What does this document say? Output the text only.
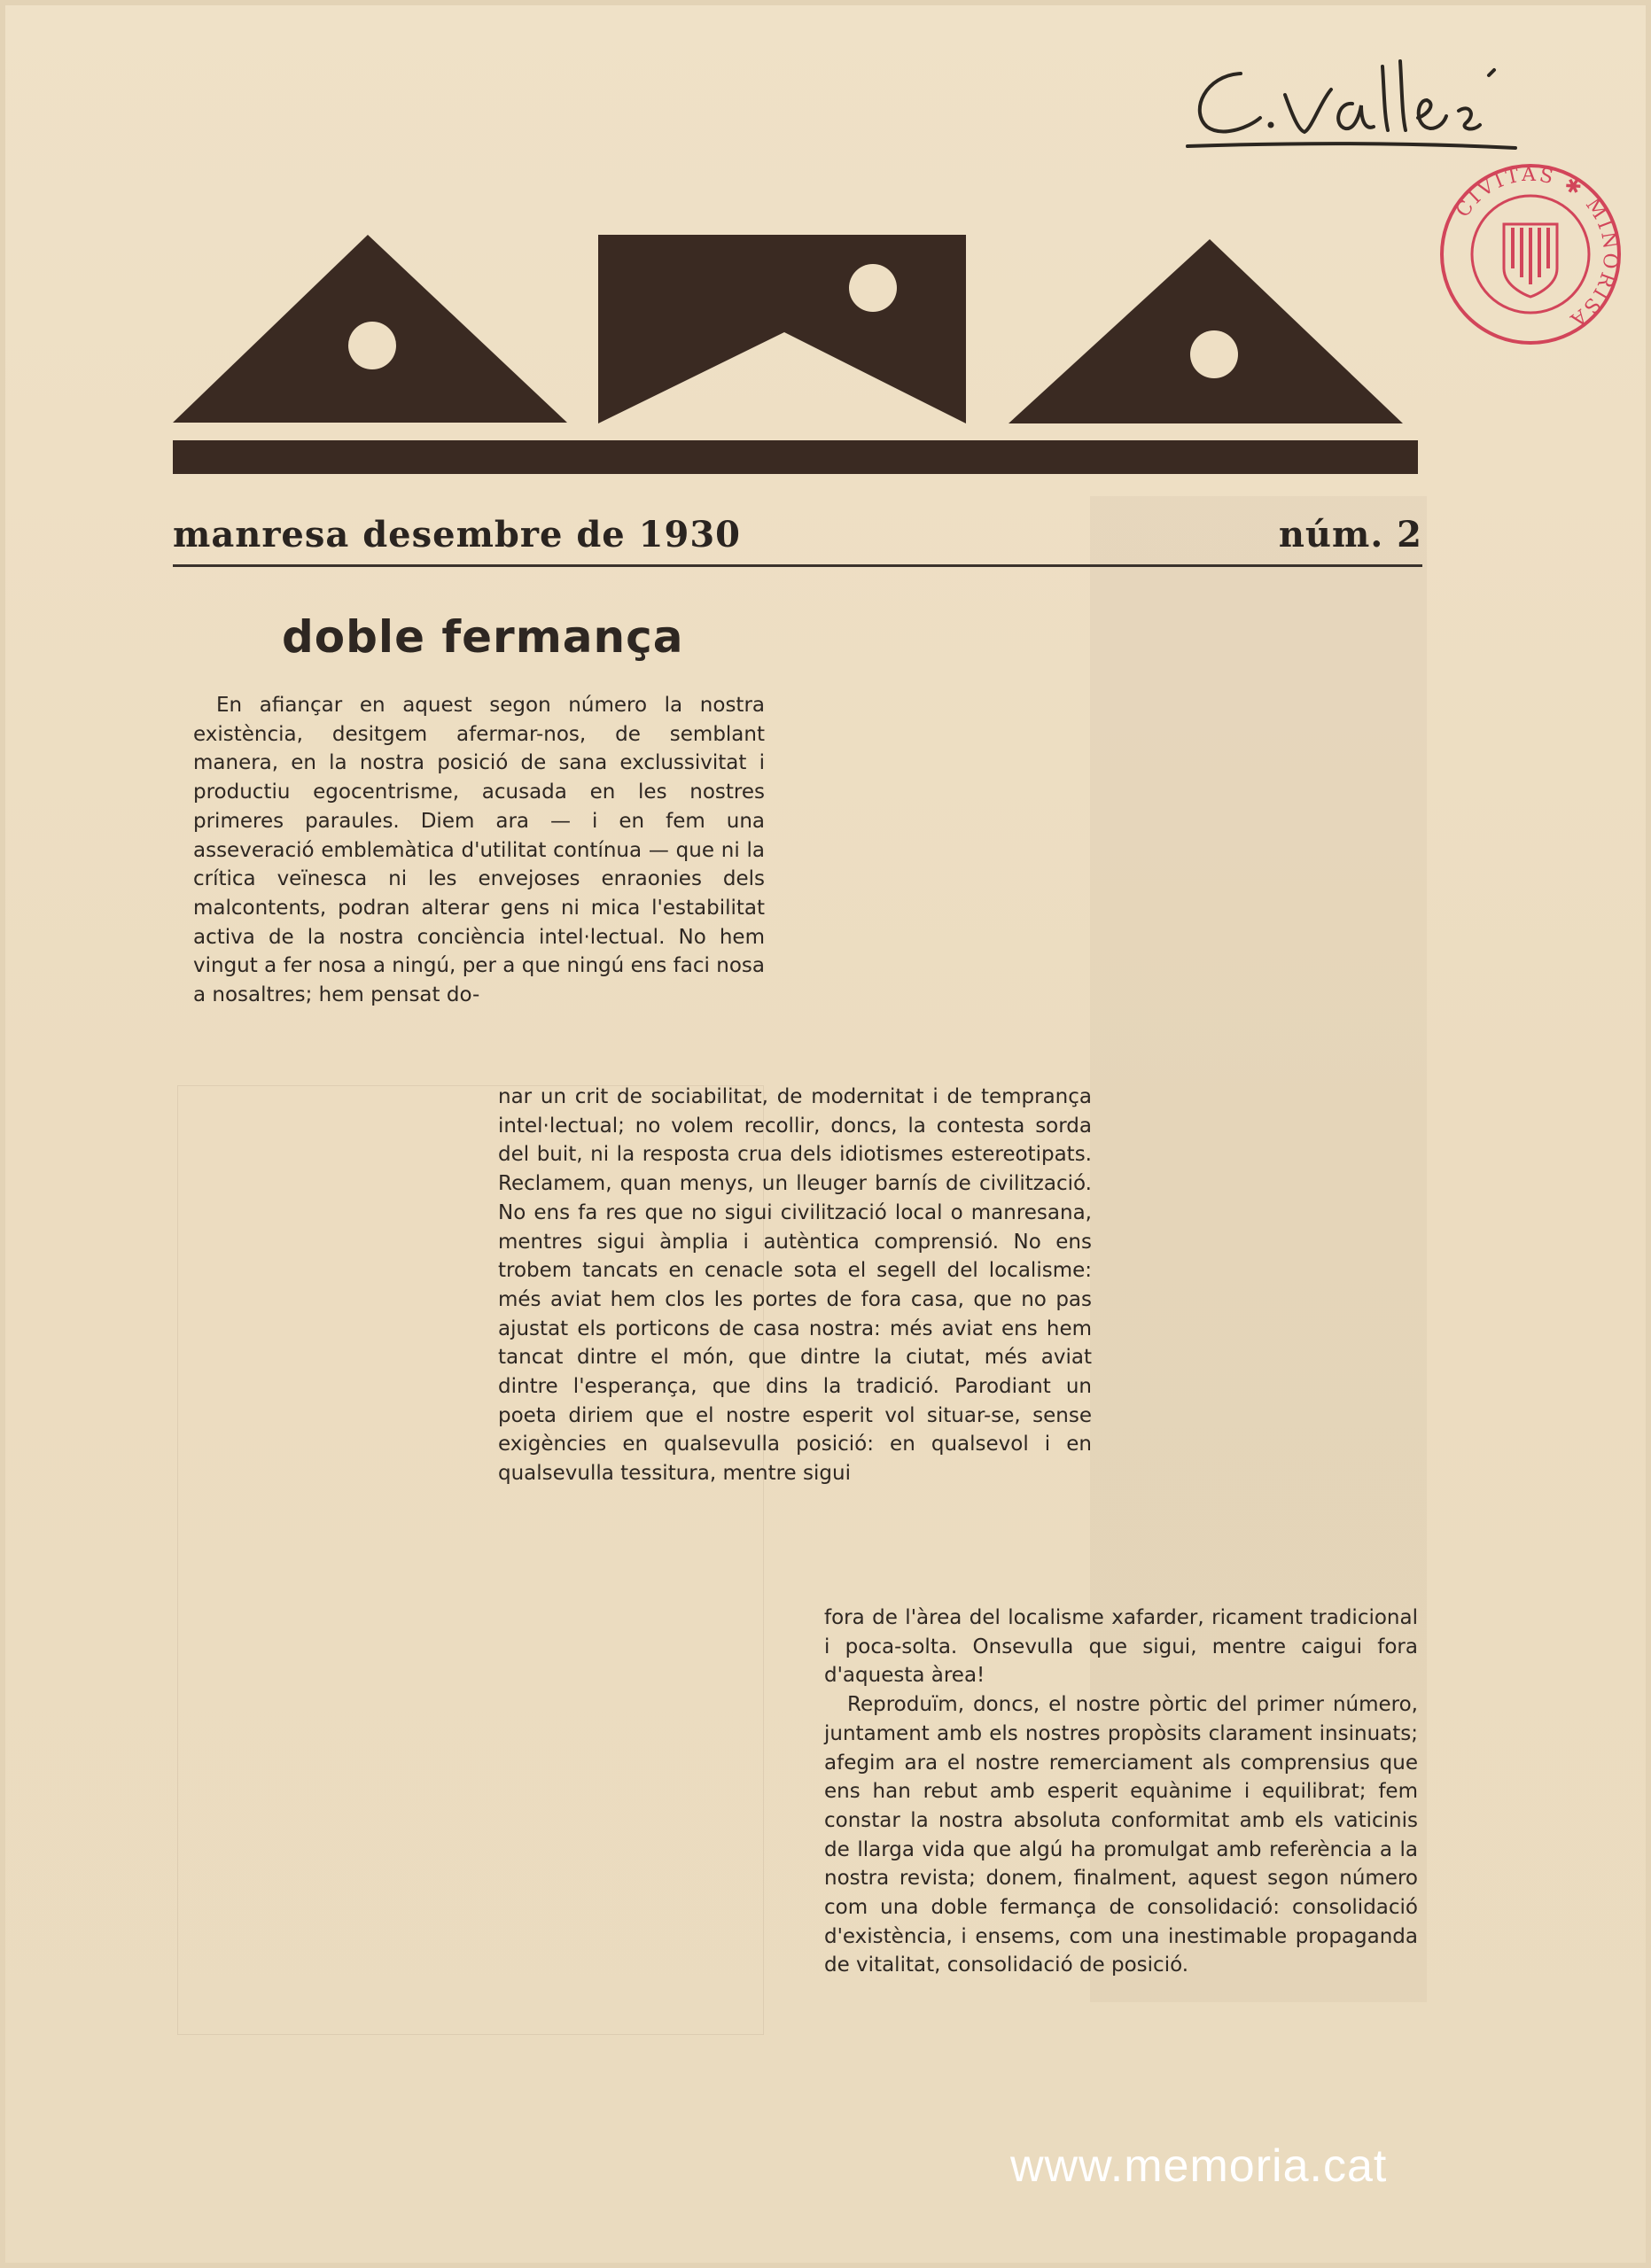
CIVITAS ✱ MINORISA
manresa desembre de 1930	núm. 2
doble fermança

En afiançar en aquest segon número la nostra existència, desitgem afermar-nos, de semblant manera, en la nostra posició de sana exclussivitat i productiu egocentrisme, acusada en les nostres primeres paraules. Diem ara — i en fem una asseveració emblemàtica d'utilitat contínua — que ni la crítica veïnesca ni les envejoses enraonies dels malcontents, podran alterar gens ni mica l'estabilitat activa de la nostra conciència intel·lectual. No hem vingut a fer nosa a ningú, per a que ningú ens faci nosa a nosaltres; hem pensat do-

nar un crit de sociabilitat, de modernitat i de temprança intel·lectual; no volem recollir, doncs, la contesta sorda del buit, ni la resposta crua dels idiotismes estereotipats. Reclamem, quan menys, un lleuger barnís de civilització. No ens fa res que no sigui civilització local o manresana, mentres sigui àmplia i autèntica comprensió. No ens trobem tancats en cenacle sota el segell del localisme: més aviat hem clos les portes de fora casa, que no pas ajustat els porticons de casa nostra: més aviat ens hem tancat dintre el món, que dintre la ciutat, més aviat dintre l'esperança, que dins la tradició. Parodiant un poeta diriem que el nostre esperit vol situar-se, sense exigències en qualsevulla posició: en qualsevol i en qualsevulla tessitura, mentre sigui

fora de l'àrea del localisme xafarder, ricament tradicional i poca-solta. Onsevulla que sigui, mentre caigui fora d'aquesta àrea!

Reproduïm, doncs, el nostre pòrtic del primer número, juntament amb els nostres propòsits clarament insinuats; afegim ara el nostre remerciament als comprensius que ens han rebut amb esperit equànime i equilibrat; fem constar la nostra absoluta conformitat amb els vaticinis de llarga vida que algú ha promulgat amb referència a la nostra revista; donem, finalment, aquest segon número com una doble fermança de consolidació: consolidació d'existència, i ensems, com una inestimable propaganda de vitalitat, consolidació de posició.

www.memoria.cat
